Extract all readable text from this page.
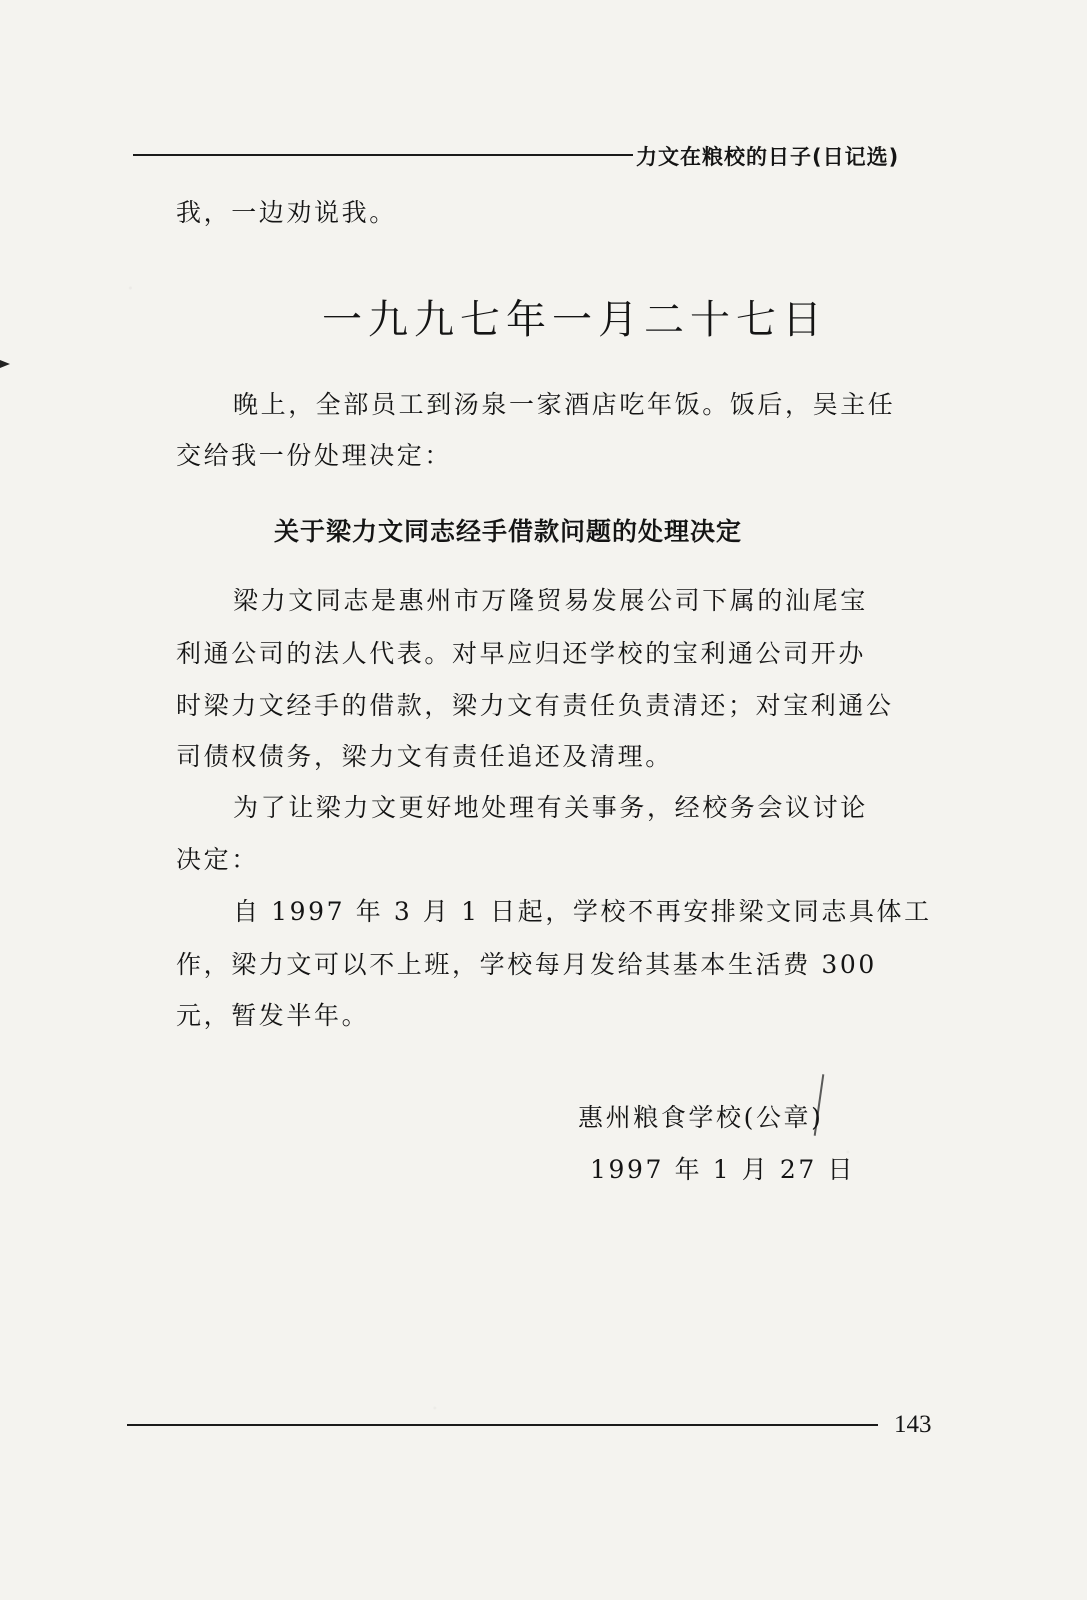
力文在粮校的日子(日记选)
我，一边劝说我。
一九九七年一月二十七日
晚上，全部员工到汤泉一家酒店吃年饭。饭后，吴主任
交给我一份处理决定：
关于梁力文同志经手借款问题的处理决定
梁力文同志是惠州市万隆贸易发展公司下属的汕尾宝
利通公司的法人代表。对早应归还学校的宝利通公司开办
时梁力文经手的借款，梁力文有责任负责清还；对宝利通公
司债权债务，梁力文有责任追还及清理。
为了让梁力文更好地处理有关事务，经校务会议讨论
决定：
自 1997 年 3 月 1 日起，学校不再安排梁文同志具体工
作，梁力文可以不上班，学校每月发给其基本生活费 300
元，暂发半年。
惠州粮食学校(公章)
1997 年 1 月 27 日
143
